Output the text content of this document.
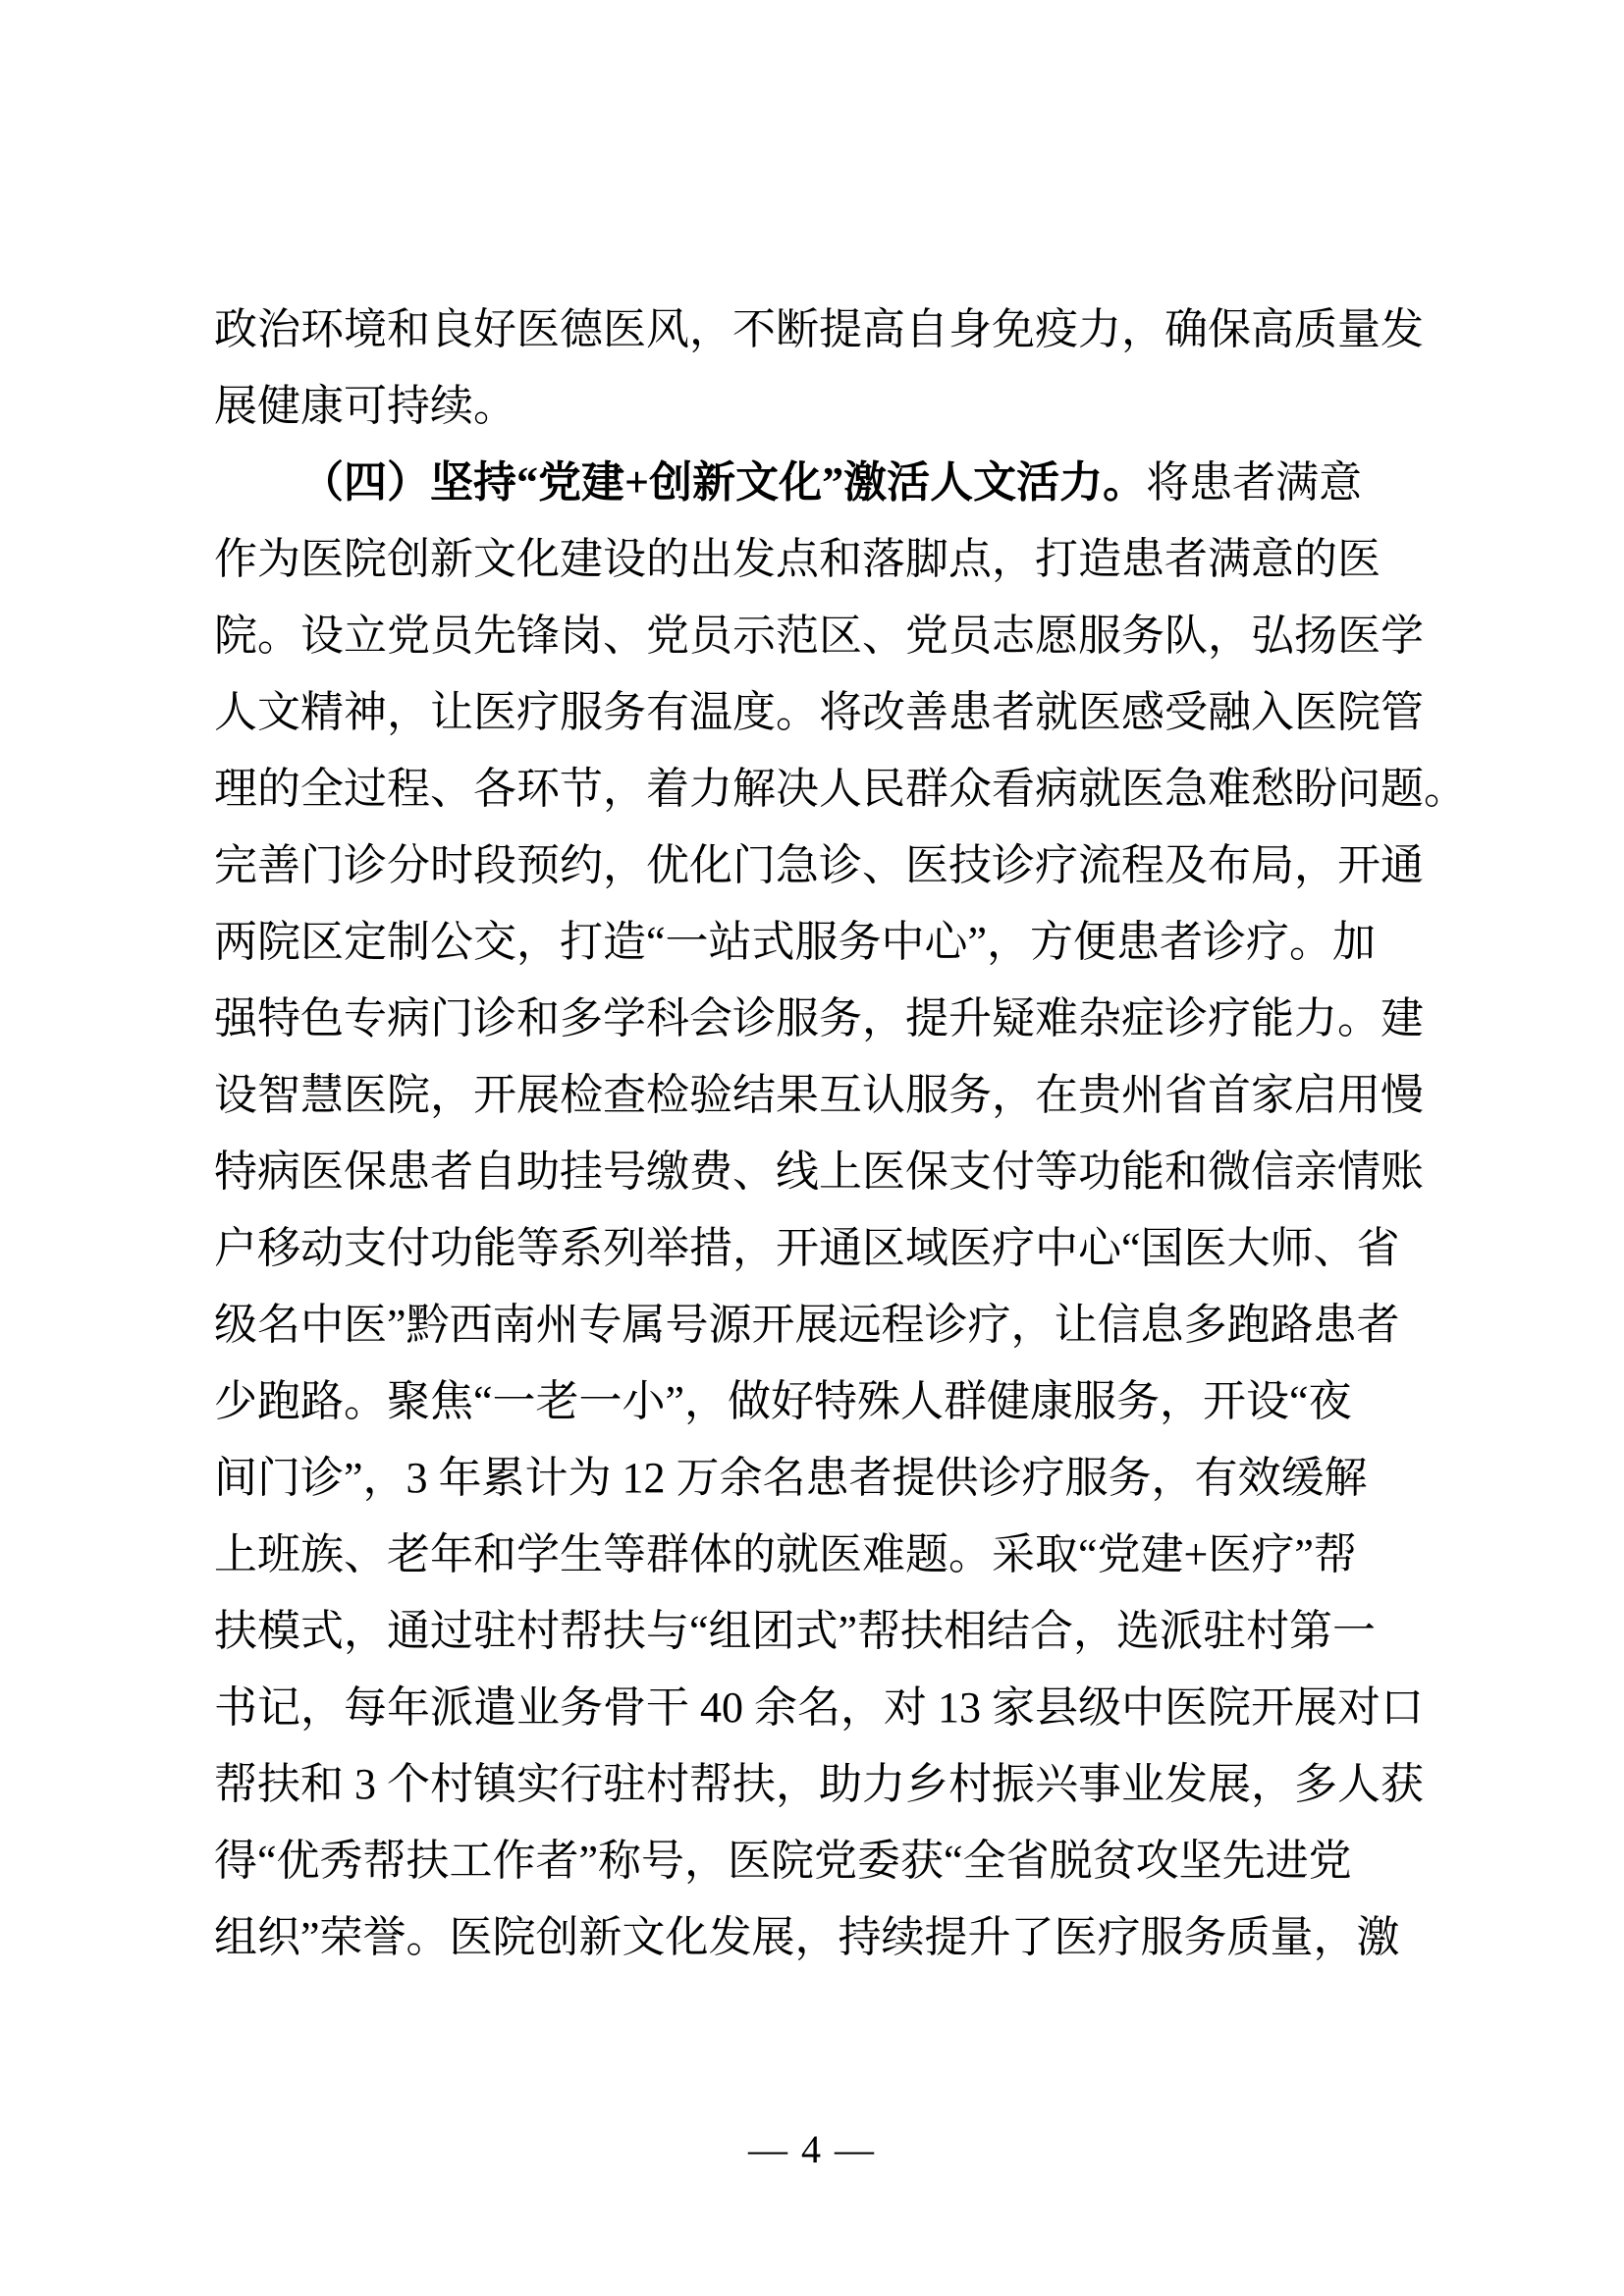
政治环境和良好医德医风，不断提高自身免疫力，确保高质量发
展健康可持续。
（四）坚持“党建+创新文化”激活人文活力。将患者满意
作为医院创新文化建设的出发点和落脚点，打造患者满意的医
院。设立党员先锋岗、党员示范区、党员志愿服务队，弘扬医学
人文精神，让医疗服务有温度。将改善患者就医感受融入医院管
理的全过程、各环节，着力解决人民群众看病就医急难愁盼问题。
完善门诊分时段预约，优化门急诊、医技诊疗流程及布局，开通
两院区定制公交，打造“一站式服务中心”，方便患者诊疗。加
强特色专病门诊和多学科会诊服务，提升疑难杂症诊疗能力。建
设智慧医院，开展检查检验结果互认服务，在贵州省首家启用慢
特病医保患者自助挂号缴费、线上医保支付等功能和微信亲情账
户移动支付功能等系列举措，开通区域医疗中心“国医大师、省
级名中医”黔西南州专属号源开展远程诊疗，让信息多跑路患者
少跑路。聚焦“一老一小”，做好特殊人群健康服务，开设“夜
间门诊”，3 年累计为 12 万余名患者提供诊疗服务，有效缓解
上班族、老年和学生等群体的就医难题。采取“党建+医疗”帮
扶模式，通过驻村帮扶与“组团式”帮扶相结合，选派驻村第一
书记，每年派遣业务骨干 40 余名，对 13 家县级中医院开展对口
帮扶和 3 个村镇实行驻村帮扶，助力乡村振兴事业发展，多人获
得“优秀帮扶工作者”称号，医院党委获“全省脱贫攻坚先进党
组织”荣誉。医院创新文化发展，持续提升了医疗服务质量，激
— 4 —
